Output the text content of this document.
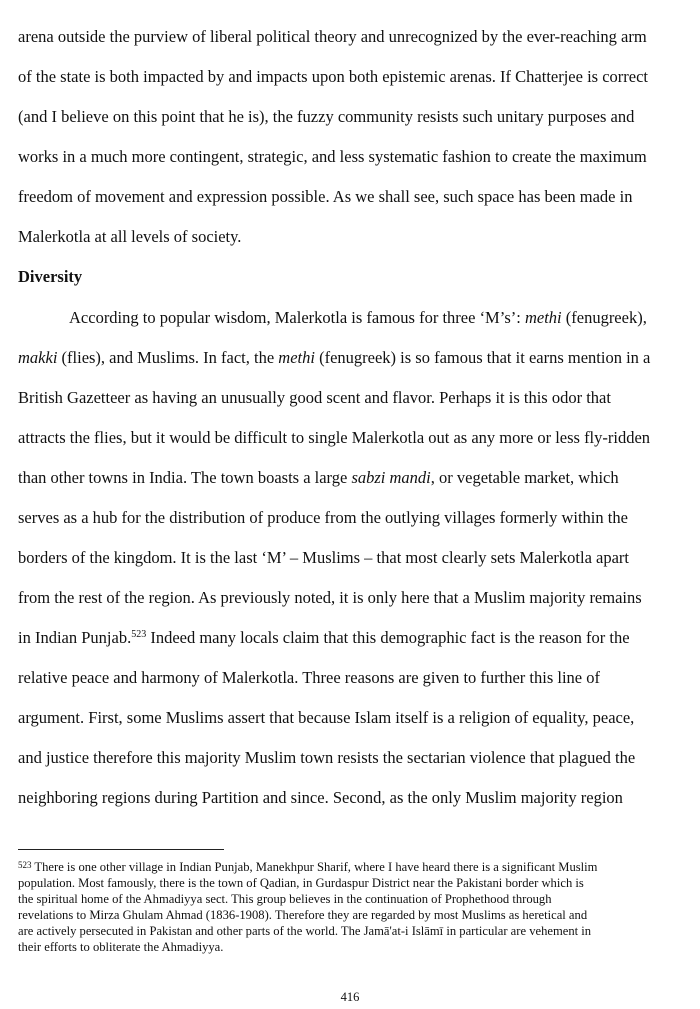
arena outside the purview of liberal political theory and unrecognized by the ever-reaching arm
of the state is both impacted by and impacts upon both epistemic arenas. If Chatterjee is correct
(and I believe on this point that he is), the fuzzy community resists such unitary purposes and
works in a much more contingent, strategic, and less systematic fashion to create the maximum
freedom of movement and expression possible. As we shall see, such space has been made in
Malerkotla at all levels of society.
Diversity
According to popular wisdom, Malerkotla is famous for three ‘M’s’: methi (fenugreek),
makki (flies), and Muslims. In fact, the methi (fenugreek) is so famous that it earns mention in a
British Gazetteer as having an unusually good scent and flavor. Perhaps it is this odor that
attracts the flies, but it would be difficult to single Malerkotla out as any more or less fly-ridden
than other towns in India. The town boasts a large sabzi mandi, or vegetable market, which
serves as a hub for the distribution of produce from the outlying villages formerly within the
borders of the kingdom. It is the last ‘M’ – Muslims – that most clearly sets Malerkotla apart
from the rest of the region. As previously noted, it is only here that a Muslim majority remains
in Indian Punjab.$^{523}$ Indeed many locals claim that this demographic fact is the reason for the
relative peace and harmony of Malerkotla. Three reasons are given to further this line of
argument. First, some Muslims assert that because Islam itself is a religion of equality, peace,
and justice therefore this majority Muslim town resists the sectarian violence that plagued the
neighboring regions during Partition and since. Second, as the only Muslim majority region
$^{523}$ There is one other village in Indian Punjab, Manekhpur Sharif, where I have heard there is a significant Muslim
population. Most famously, there is the town of Qadian, in Gurdaspur District near the Pakistani border which is
the spiritual home of the Ahmadiyya sect. This group believes in the continuation of Prophethood through
revelations to Mirza Ghulam Ahmad (1836-1908). Therefore they are regarded by most Muslims as heretical and
are actively persecuted in Pakistan and other parts of the world. The Jamā'at-i Islāmī in particular are vehement in
their efforts to obliterate the Ahmadiyya.
416
